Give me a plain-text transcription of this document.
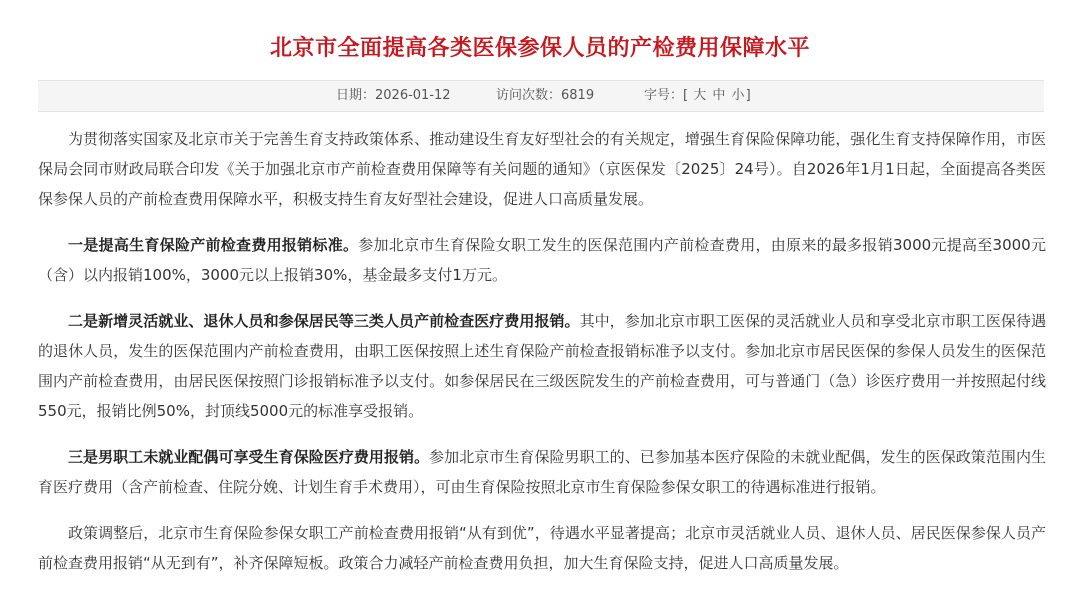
北京市全面提高各类医保参保人员的产检费用保障水平
日期：2026-01-12	访问次数：6819	字号：[ 大 中 小]

为贯彻落实国家及北京市关于完善生育支持政策体系、推动建设生育友好型社会的有关规定，增强生育保险保障功能，强化生育支持保障作用，市医保局会同市财政局联合印发《关于加强北京市产前检查费用保障等有关问题的通知》（京医保发〔2025〕24号）。自2026年1月1日起，全面提高各类医保参保人员的产前检查费用保障水平，积极支持生育友好型社会建设，促进人口高质量发展。

一是提高生育保险产前检查费用报销标准。参加北京市生育保险女职工发生的医保范围内产前检查费用，由原来的最多报销3000元提高至3000元（含）以内报销100%，3000元以上报销30%，基金最多支付1万元。

二是新增灵活就业、退休人员和参保居民等三类人员产前检查医疗费用报销。其中，参加北京市职工医保的灵活就业人员和享受北京市职工医保待遇的退休人员，发生的医保范围内产前检查费用，由职工医保按照上述生育保险产前检查报销标准予以支付。参加北京市居民医保的参保人员发生的医保范围内产前检查费用，由居民医保按照门诊报销标准予以支付。如参保居民在三级医院发生的产前检查费用，可与普通门（急）诊医疗费用一并按照起付线550元，报销比例50%，封顶线5000元的标准享受报销。

三是男职工未就业配偶可享受生育保险医疗费用报销。参加北京市生育保险男职工的、已参加基本医疗保险的未就业配偶，发生的医保政策范围内生育医疗费用（含产前检查、住院分娩、计划生育手术费用），可由生育保险按照北京市生育保险参保女职工的待遇标准进行报销。

政策调整后，北京市生育保险参保女职工产前检查费用报销“从有到优”，待遇水平显著提高；北京市灵活就业人员、退休人员、居民医保参保人员产前检查费用报销“从无到有”，补齐保障短板。政策合力减轻产前检查费用负担，加大生育保险支持，促进人口高质量发展。
